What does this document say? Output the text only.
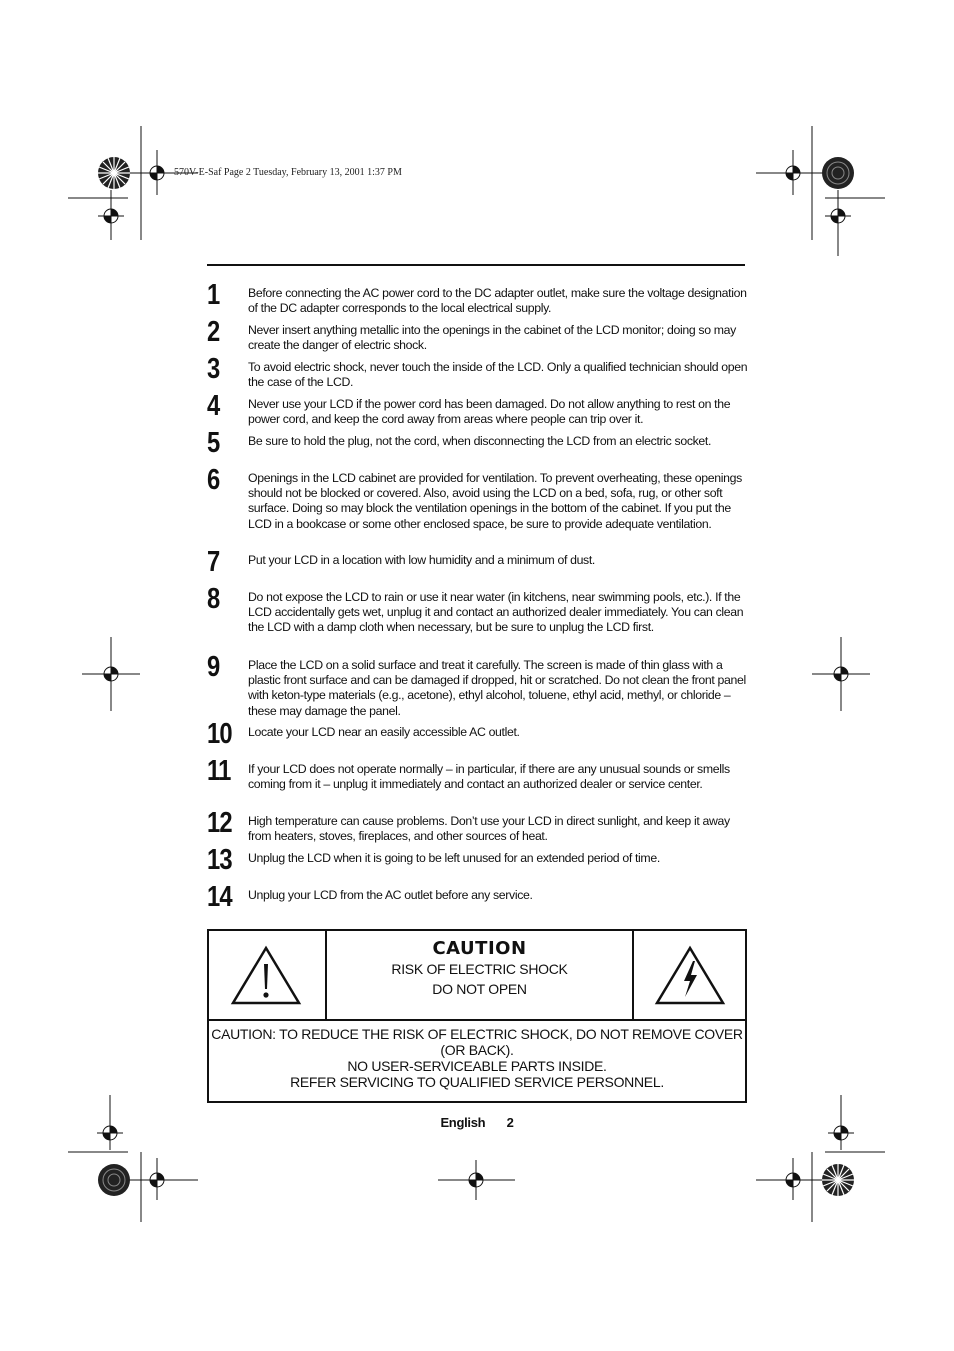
570V-E-Saf Page 2 Tuesday, February 13, 2001 1:37 PM
1	Before connecting the AC power cord to the DC adapter outlet, make sure the voltage designation of the DC adapter corresponds to the local electrical supply.
2	Never insert anything metallic into the openings in the cabinet of the LCD monitor; doing so may create the danger of electric shock.
3	To avoid electric shock, never touch the inside of the LCD. Only a qualified technician should open the case of the LCD.
4	Never use your LCD if the power cord has been damaged. Do not allow anything to rest on the power cord, and keep the cord away from areas where people can trip over it.
5	Be sure to hold the plug, not the cord, when disconnecting the LCD from an electric socket.
6	Openings in the LCD cabinet are provided for ventilation. To prevent overheating, these openings should not be blocked or covered. Also, avoid using the LCD on a bed, sofa, rug, or other soft surface. Doing so may block the ventilation openings in the bottom of the cabinet. If you put the LCD in a bookcase or some other enclosed space, be sure to provide adequate ventilation.
7	Put your LCD in a location with low humidity and a minimum of dust.
8	Do not expose the LCD to rain or use it near water (in kitchens, near swimming pools, etc.). If the LCD accidentally gets wet, unplug it and contact an authorized dealer immediately. You can clean the LCD with a damp cloth when necessary, but be sure to unplug the LCD first.
9	Place the LCD on a solid surface and treat it carefully. The screen is made of thin glass with a plastic front surface and can be damaged if dropped, hit or scratched. Do not clean the front panel with keton-type materials (e.g., acetone), ethyl alcohol, toluene, ethyl acid, methyl, or chloride – these may damage the panel.
10	Locate your LCD near an easily accessible AC outlet.
11	If your LCD does not operate normally – in particular, if there are any unusual sounds or smells coming from it – unplug it immediately and contact an authorized dealer or service center.
12	High temperature can cause problems. Don’t use your LCD in direct sunlight, and keep it away from heaters, stoves, fireplaces, and other sources of heat.
13	Unplug the LCD when it is going to be left unused for an extended period of time.
14	Unplug your LCD from the AC outlet before any service.
CAUTION
RISK OF ELECTRIC SHOCK
DO NOT OPEN
CAUTION: TO REDUCE THE RISK OF ELECTRIC SHOCK, DO NOT REMOVE COVER
(OR BACK).
NO USER-SERVICEABLE PARTS INSIDE.
REFER SERVICING TO QUALIFIED SERVICE PERSONNEL.
English 2
